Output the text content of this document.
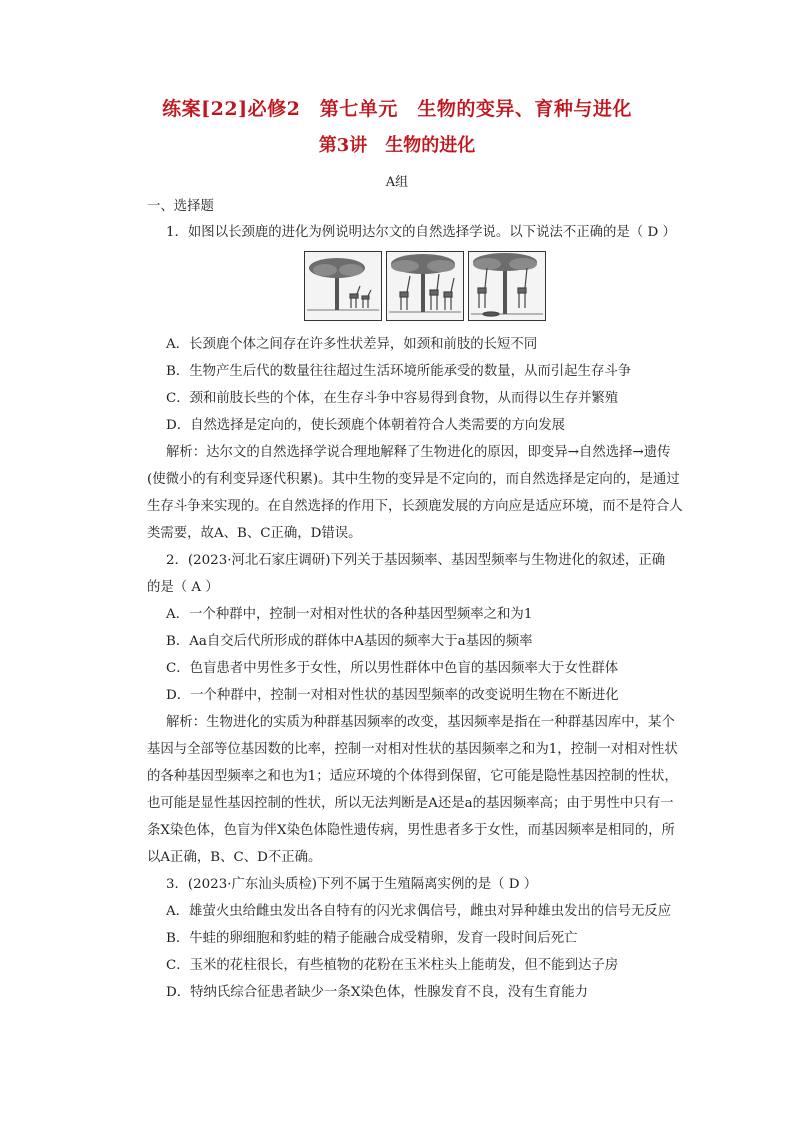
练案[22]必修2　第七单元　生物的变异、育种与进化
第3讲　生物的进化
A组
一、选择题
1．如图以长颈鹿的进化为例说明达尔文的自然选择学说。以下说法不正确的是（ D ）
A．长颈鹿个体之间存在许多性状差异，如颈和前肢的长短不同
B．生物产生后代的数量往往超过生活环境所能承受的数量，从而引起生存斗争
C．颈和前肢长些的个体，在生存斗争中容易得到食物，从而得以生存并繁殖
D．自然选择是定向的，使长颈鹿个体朝着符合人类需要的方向发展
解析：达尔文的自然选择学说合理地解释了生物进化的原因，即变异→自然选择→遗传
(使微小的有利变异逐代积累)。其中生物的变异是不定向的，而自然选择是定向的，是通过
生存斗争来实现的。在自然选择的作用下，长颈鹿发展的方向应是适应环境，而不是符合人
类需要，故A、B、C正确，D错误。
2．(2023·河北石家庄调研)下列关于基因频率、基因型频率与生物进化的叙述，正确
的是（ A ）
A．一个种群中，控制一对相对性状的各种基因型频率之和为1
B．Aa自交后代所形成的群体中A基因的频率大于a基因的频率
C．色盲患者中男性多于女性，所以男性群体中色盲的基因频率大于女性群体
D．一个种群中，控制一对相对性状的基因型频率的改变说明生物在不断进化
解析：生物进化的实质为种群基因频率的改变，基因频率是指在一种群基因库中，某个
基因与全部等位基因数的比率，控制一对相对性状的基因频率之和为1，控制一对相对性状
的各种基因型频率之和也为1；适应环境的个体得到保留，它可能是隐性基因控制的性状，
也可能是显性基因控制的性状，所以无法判断是A还是a的基因频率高；由于男性中只有一
条X染色体，色盲为伴X染色体隐性遗传病，男性患者多于女性，而基因频率是相同的，所
以A正确，B、C、D不正确。
3．(2023·广东汕头质检)下列不属于生殖隔离实例的是（ D ）
A．雄萤火虫给雌虫发出各自特有的闪光求偶信号，雌虫对异种雄虫发出的信号无反应
B．牛蛙的卵细胞和豹蛙的精子能融合成受精卵，发育一段时间后死亡
C．玉米的花柱很长，有些植物的花粉在玉米柱头上能萌发，但不能到达子房
D．特纳氏综合征患者缺少一条X染色体，性腺发育不良，没有生育能力
